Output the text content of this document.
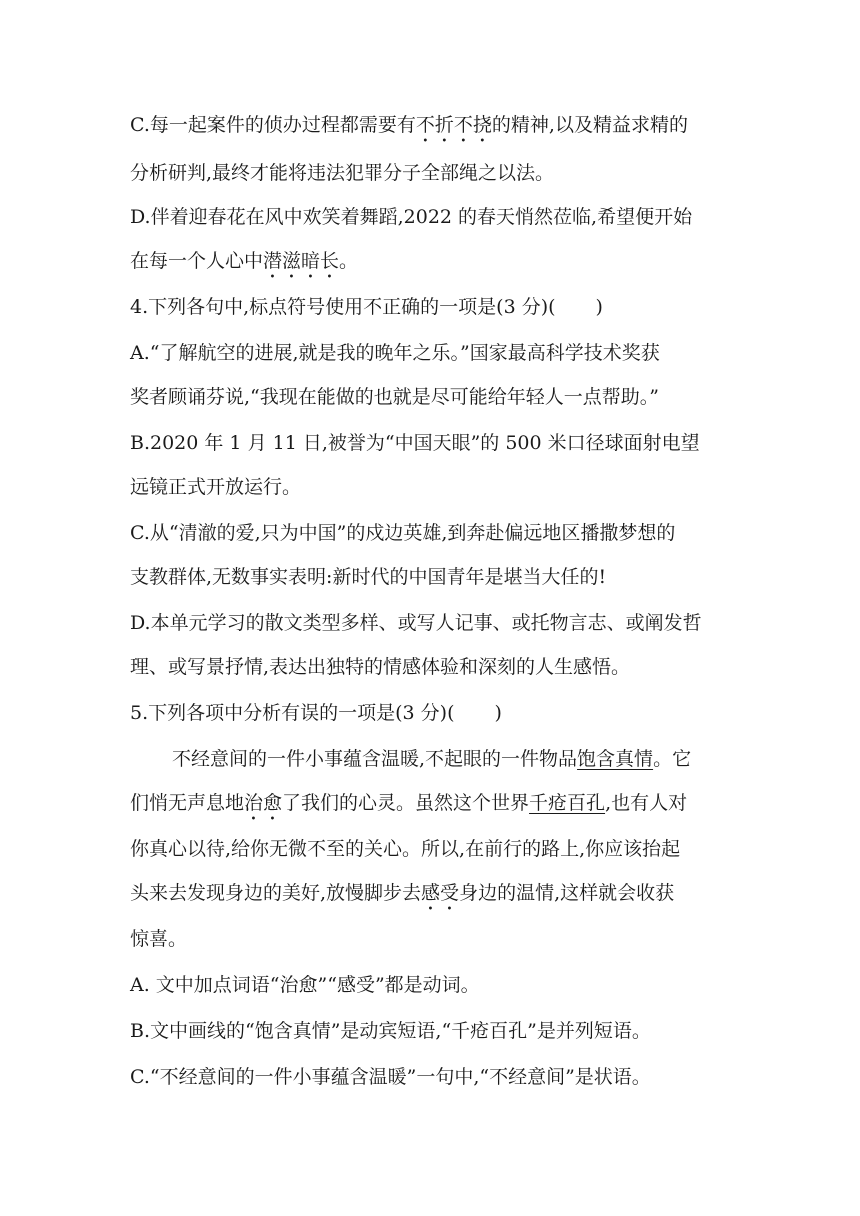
C.每一起案件的侦办过程都需要有不折不挠的精神,以及精益求精的
分析研判,最终才能将违法犯罪分子全部绳之以法。
D.伴着迎春花在风中欢笑着舞蹈,2022 的春天悄然莅临,希望便开始
在每一个人心中潜滋暗长。
4.下列各句中,标点符号使用不正确的一项是(3 分)( )
A.“了解航空的进展,就是我的晚年之乐。”国家最高科学技术奖获
奖者顾诵芬说,“我现在能做的也就是尽可能给年轻人一点帮助。”
B.2020 年 1 月 11 日,被誉为“中国天眼”的 500 米口径球面射电望
远镜正式开放运行。
C.从“清澈的爱,只为中国”的戍边英雄,到奔赴偏远地区播撒梦想的
支教群体,无数事实表明:新时代的中国青年是堪当大任的!
D.本单元学习的散文类型多样、或写人记事、或托物言志、或阐发哲
理、或写景抒情,表达出独特的情感体验和深刻的人生感悟。
5.下列各项中分析有误的一项是(3 分)( )
不经意间的一件小事蕴含温暖,不起眼的一件物品饱含真情。它
们悄无声息地治愈了我们的心灵。虽然这个世界千疮百孔,也有人对
你真心以待,给你无微不至的关心。所以,在前行的路上,你应该抬起
头来去发现身边的美好,放慢脚步去感受身边的温情,这样就会收获
惊喜。
A. 文中加点词语“治愈”“感受”都是动词。
B.文中画线的“饱含真情”是动宾短语,“千疮百孔”是并列短语。
C.“不经意间的一件小事蕴含温暖”一句中,“不经意间”是状语。
